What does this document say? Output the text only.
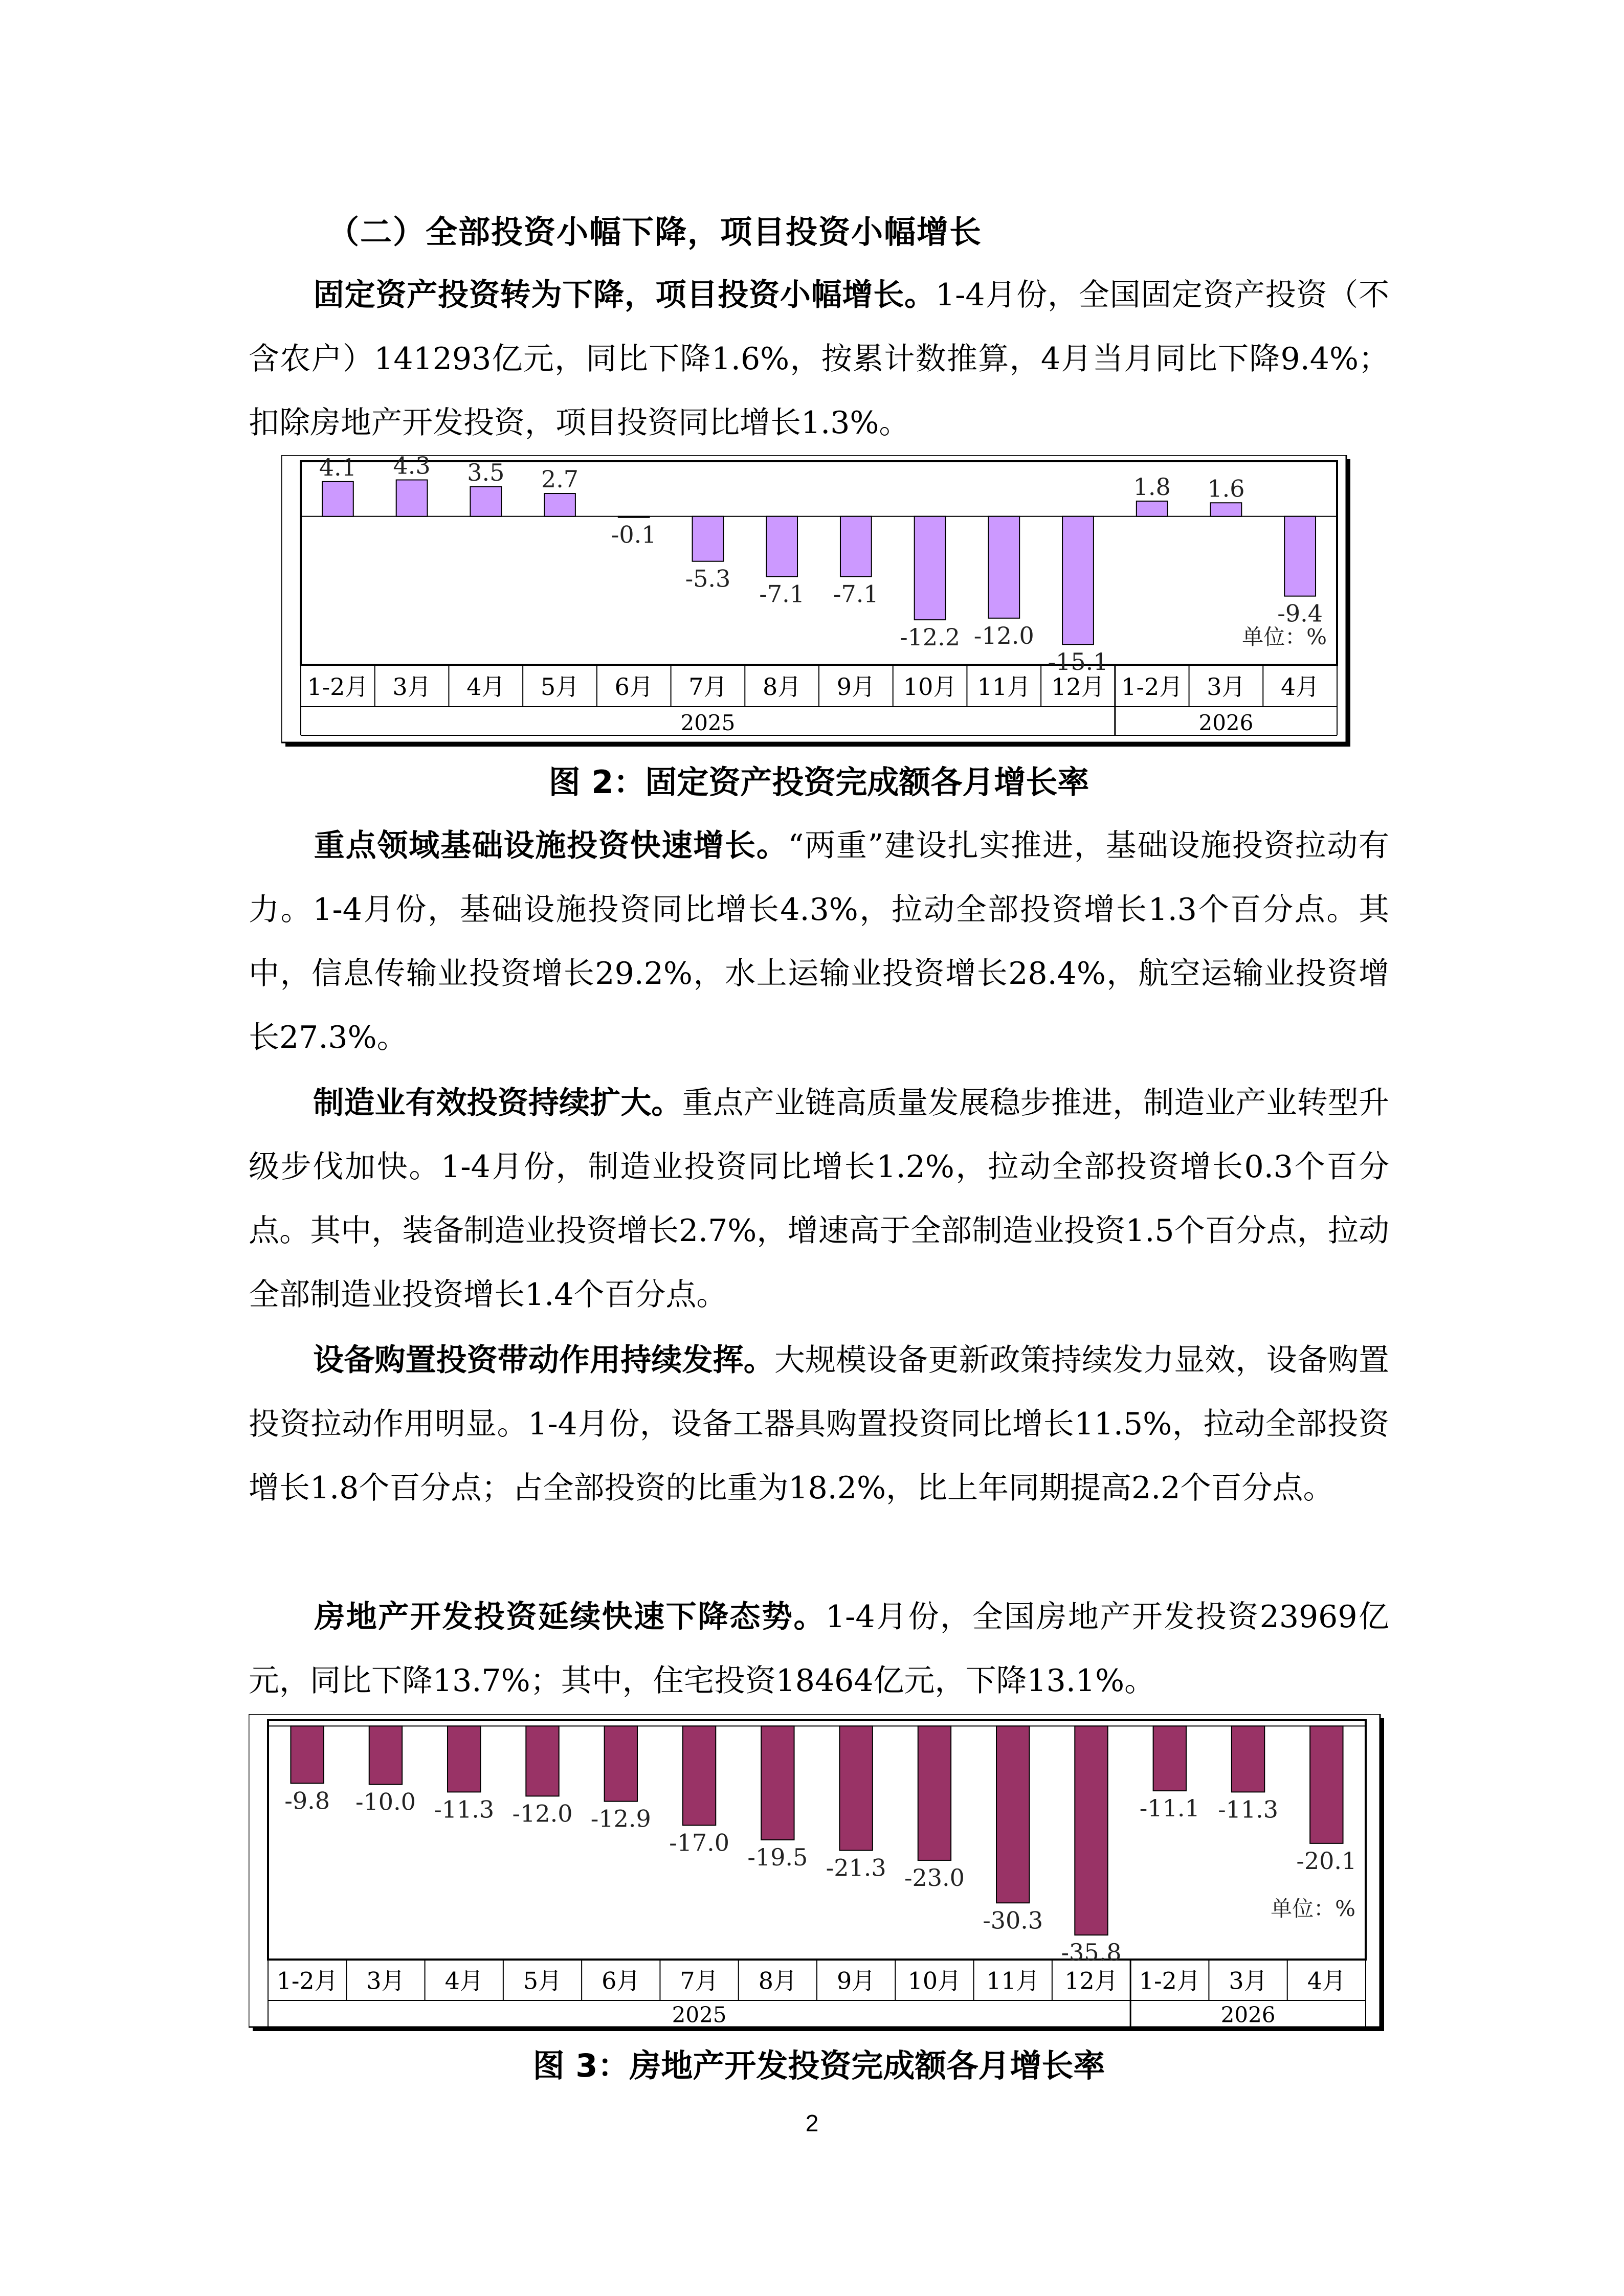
（二）全部投资小幅下降，项目投资小幅增长

固定资产投资转为下降，项目投资小幅增长。1-4月份，全国固定资产投资（不含农户）141293亿元，同比下降1.6%，按累计数推算，4月当月同比下降9.4%；扣除房地产开发投资，项目投资同比增长1.3%。

4.1 4.3 3.5 2.7
-0.1
-5.3
-7.1 -7.1
-12.2 -12.0
-15.1
1.8 1.6
-9.4
单位：%
1-2月 3月 4月 5月 6月 7月 8月 9月 10月 11月 12月 1-2月 3月 4月
2025	2026
图 2：固定资产投资完成额各月增长率

重点领域基础设施投资快速增长。“两重”建设扎实推进，基础设施投资拉动有力。1-4月份，基础设施投资同比增长4.3%，拉动全部投资增长1.3个百分点。其中，信息传输业投资增长29.2%，水上运输业投资增长28.4%，航空运输业投资增长27.3%。

制造业有效投资持续扩大。重点产业链高质量发展稳步推进，制造业产业转型升级步伐加快。1-4月份，制造业投资同比增长1.2%，拉动全部投资增长0.3个百分点。其中，装备制造业投资增长2.7%，增速高于全部制造业投资1.5个百分点，拉动全部制造业投资增长1.4个百分点。

设备购置投资带动作用持续发挥。大规模设备更新政策持续发力显效，设备购置投资拉动作用明显。1-4月份，设备工器具购置投资同比增长11.5%，拉动全部投资增长1.8个百分点；占全部投资的比重为18.2%，比上年同期提高2.2个百分点。

房地产开发投资延续快速下降态势。1-4月份，全国房地产开发投资23969亿元，同比下降13.7%；其中，住宅投资18464亿元，下降13.1%。

-9.8 -10.0 -11.3 -12.0 -12.9
-17.0
-19.5 -21.3 -23.0
-30.3
-35.8
-11.1 -11.3
-20.1
单位：%
1-2月 3月 4月 5月 6月 7月 8月 9月 10月 11月 12月 1-2月 3月 4月
2025	2026
图 3：房地产开发投资完成额各月增长率
2
